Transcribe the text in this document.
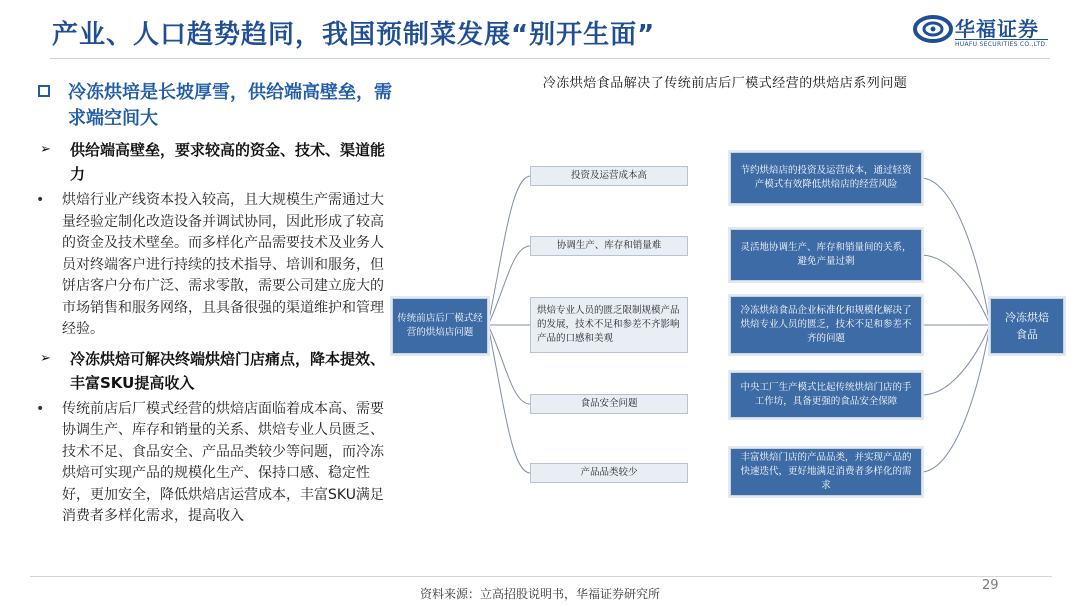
产业、人口趋势趋同，我国预制菜发展“别开生面”	华福证券
HUAFU SECURITIES CO.,LTD.
冷冻烘培是长坡厚雪，供给端高壁垒，需求端空间大
➢ 供给端高壁垒，要求较高的资金、技术、渠道能力
• 烘焙行业产线资本投入较高，且大规模生产需通过大量经验定制化改造设备并调试协同，因此形成了较高的资金及技术壁垒。而多样化产品需要技术及业务人员对终端客户进行持续的技术指导、培训和服务，但饼店客户分布广泛、需求零散，需要公司建立庞大的市场销售和服务网络，且具备很强的渠道维护和管理经验。
➢ 冷冻烘焙可解决终端烘焙门店痛点，降本提效、丰富SKU提高收入
• 传统前店后厂模式经营的烘焙店面临着成本高、需要协调生产、库存和销量的关系、烘焙专业人员匮乏、技术不足、食品安全、产品品类较少等问题，而冷冻烘焙可实现产品的规模化生产、保持口感、稳定性好，更加安全，降低烘焙店运营成本，丰富SKU满足消费者多样化需求，提高收入
冷冻烘焙食品解决了传统前店后厂模式经营的烘焙店系列问题
传统前店后厂模式经营的烘焙店问题
投资及运营成本高
协调生产、库存和销量难
烘焙专业人员的匮乏限制规模产品的发展，技术不足和参差不齐影响产品的口感和美观
食品安全问题
产品品类较少
节约烘焙店的投资及运营成本，通过轻资产模式有效降低烘焙店的经营风险
灵活地协调生产、库存和销量间的关系，避免产量过剩
冷冻烘焙食品企业标准化和规模化解决了烘焙专业人员的匮乏，技术不足和参差不齐的问题
中央工厂生产模式比起传统烘焙门店的手工作坊，具备更强的食品安全保障
丰富烘焙门店的产品品类，并实现产品的快速迭代，更好地满足消费者多样化的需求
冷冻烘焙食品
29
资料来源：立高招股说明书，华福证券研究所
